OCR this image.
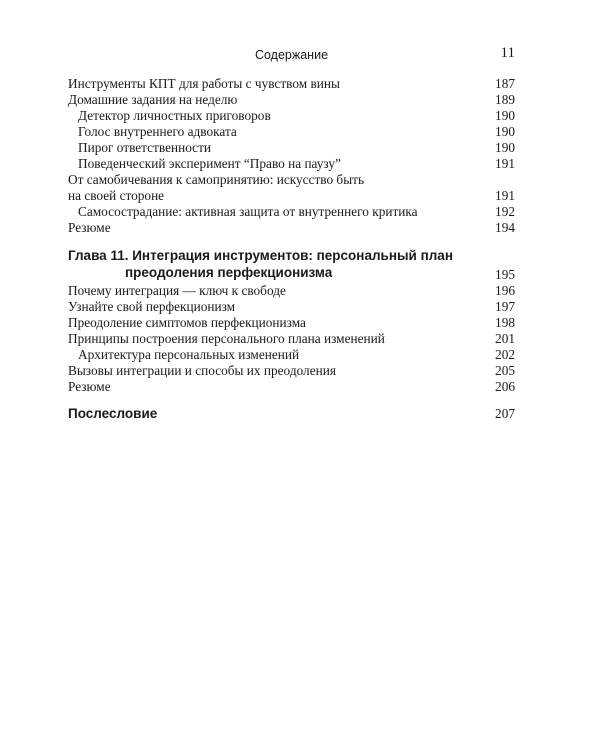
Содержание	11
Инструменты КПТ для работы с чувством вины	187
Домашние задания на неделю	189
Детектор личностных приговоров	190
Голос внутреннего адвоката	190
Пирог ответственности	190
Поведенческий эксперимент “Право на паузу”	191
От самобичевания к самопринятию: искусство быть
на своей стороне	191
Самосострадание: активная защита от внутреннего критика	192
Резюме	194
Глава 11. Интеграция инструментов: персональный план
преодоления перфекционизма	195
Почему интеграция — ключ к свободе	196
Узнайте свой перфекционизм	197
Преодоление симптомов перфекционизма	198
Принципы построения персонального плана изменений	201
Архитектура персональных изменений	202
Вызовы интеграции и способы их преодоления	205
Резюме	206
Послесловие	207
